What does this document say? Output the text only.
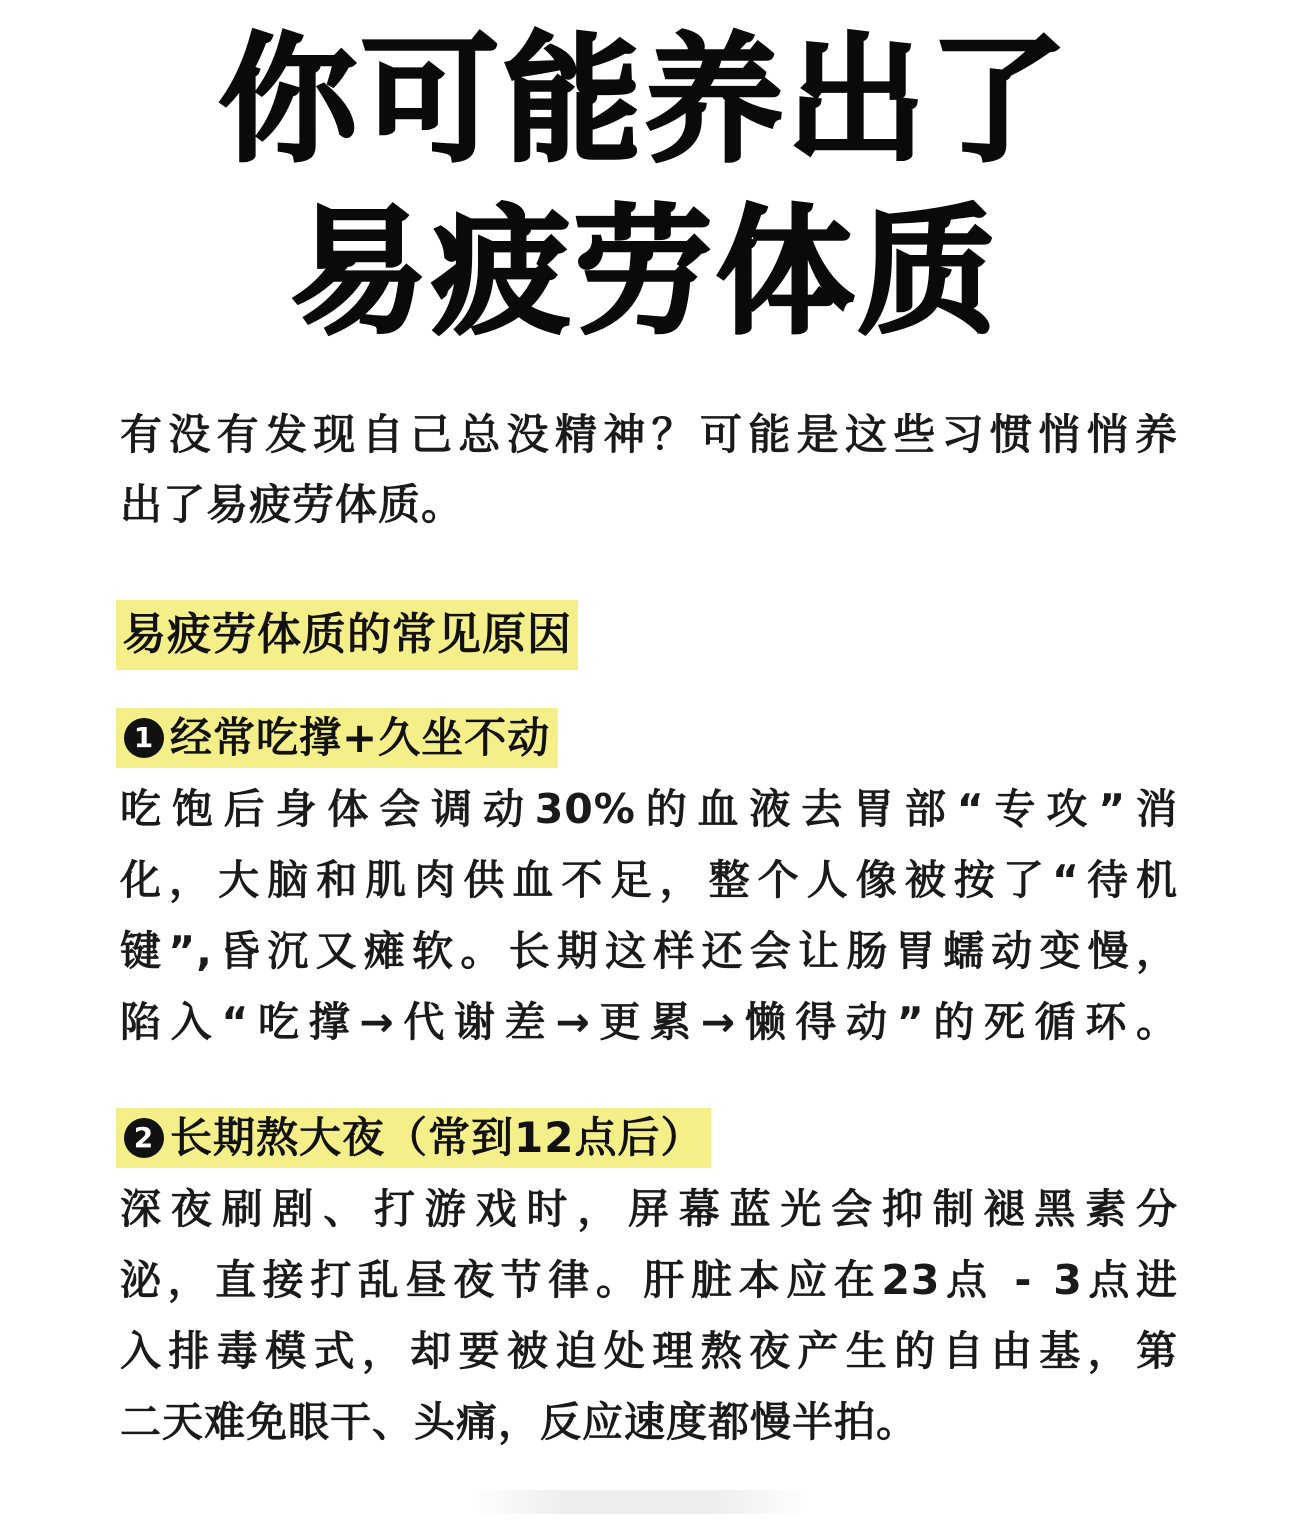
你可能养出了
易疲劳体质
有没有发现自己总没精神？可能是这些习惯悄悄养
出了易疲劳体质。
易疲劳体质的常见原因
1 经常吃撑+久坐不动
吃饱后身体会调动30%的血液去胃部“专攻”消
化，大脑和肌肉供血不足，整个人像被按了“待机
键”,昏沉又瘫软。长期这样还会让肠胃蠕动变慢，
陷入“吃撑→代谢差→更累→懒得动”的死循环。
2 长期熬大夜（常到12点后）
深夜刷剧、打游戏时，屏幕蓝光会抑制褪黑素分
泌，直接打乱昼夜节律。肝脏本应在23点 - 3点进
入排毒模式，却要被迫处理熬夜产生的自由基，第
二天难免眼干、头痛，反应速度都慢半拍。
